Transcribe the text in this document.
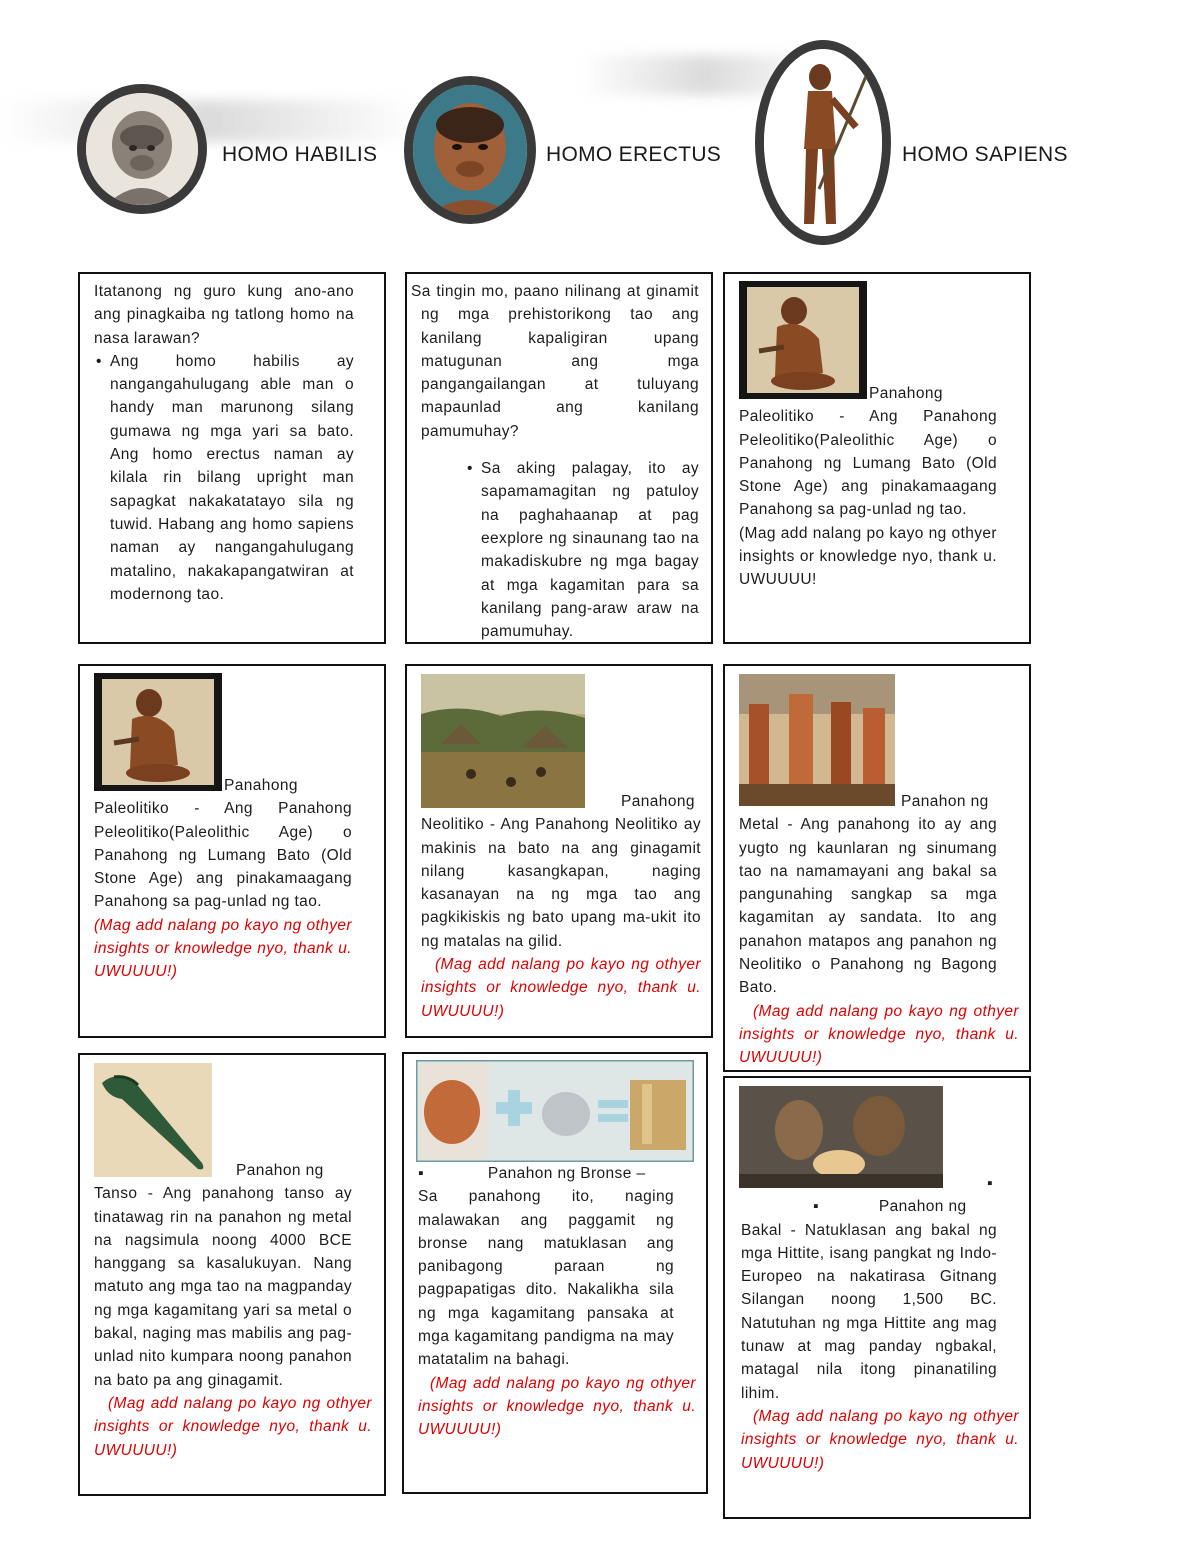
HOMO HABILIS	HOMO ERECTUS	HOMO SAPIENS
Itatanong ng guro kung ano-ano ang pinagkaiba ng tatlong homo na nasa larawan?
• Ang homo habilis ay nangangahulugang able man o handy man marunong silang gumawa ng mga yari sa bato. Ang homo erectus naman ay kilala rin bilang upright man sapagkat nakakatatayo sila ng tuwid. Habang ang homo sapiens naman ay nangangahulugang matalino, nakakapangatwiran at modernong tao.
Sa tingin mo, paano nilinang at ginamit ng mga prehistorikong tao ang kanilang kapaligiran upang matugunan ang mga pangangailangan at tuluyang mapaunlad ang kanilang pamumuhay?
• Sa aking palagay, ito ay sapamamagitan ng patuloy na paghahaanap at pag eexplore ng sinaunang tao na makadiskubre ng mga bagay at mga kagamitan para sa kanilang pang-araw araw na pamumuhay.
Panahong
Paleolitiko - Ang Panahong Peleolitiko(Paleolithic Age) o Panahong ng Lumang Bato (Old Stone Age) ang pinakamaagang Panahong sa pag-unlad ng tao.
(Mag add nalang po kayo ng othyer insights or knowledge nyo, thank u. UWUUUU!
Panahong
Paleolitiko - Ang Panahong Peleolitiko(Paleolithic Age) o Panahong ng Lumang Bato (Old Stone Age) ang pinakamaagang Panahong sa pag-unlad ng tao.
(Mag add nalang po kayo ng othyer insights or knowledge nyo, thank u. UWUUUU!)
Panahong
Neolitiko - Ang Panahong Neolitiko ay makinis na bato na ang ginagamit nilang kasangkapan, naging kasanayan na ng mga tao ang pagkikiskis ng bato upang ma-ukit ito ng matalas na gilid.
(Mag add nalang po kayo ng othyer insights or knowledge nyo, thank u. UWUUUU!)
Panahon ng
Metal - Ang panahong ito ay ang yugto ng kaunlaran ng sinumang tao na namamayani ang bakal sa pangunahing sangkap sa mga kagamitan ay sandata. Ito ang panahon matapos ang panahon ng Neolitiko o Panahong ng Bagong Bato.
(Mag add nalang po kayo ng othyer insights or knowledge nyo, thank u. UWUUUU!)
Panahon ng
Tanso - Ang panahong tanso ay tinatawag rin na panahon ng metal na nagsimula noong 4000 BCE hanggang sa kasalukuyan. Nang matuto ang mga tao na magpanday ng mga kagamitang yari sa metal o bakal, naging mas mabilis ang pag-unlad nito kumpara noong panahon na bato pa ang ginagamit.
(Mag add nalang po kayo ng othyer insights or knowledge nyo, thank u. UWUUUU!)
▪	Panahon ng Bronse –
Sa panahong ito, naging malawakan ang paggamit ng bronse nang matuklasan ang panibagong paraan ng pagpapatigas dito. Nakalikha sila ng mga kagamitang pansaka at mga kagamitang pandigma na may matatalim na bahagi.
(Mag add nalang po kayo ng othyer insights or knowledge nyo, thank u. UWUUUU!)
▪
▪	Panahon ng
Bakal - Natuklasan ang bakal ng mga Hittite, isang pangkat ng Indo-Europeo na nakatirasa Gitnang Silangan noong 1,500 BC. Natutuhan ng mga Hittite ang mag tunaw at mag panday ngbakal, matagal nila itong pinanatiling lihim.
(Mag add nalang po kayo ng othyer insights or knowledge nyo, thank u. UWUUUU!)
